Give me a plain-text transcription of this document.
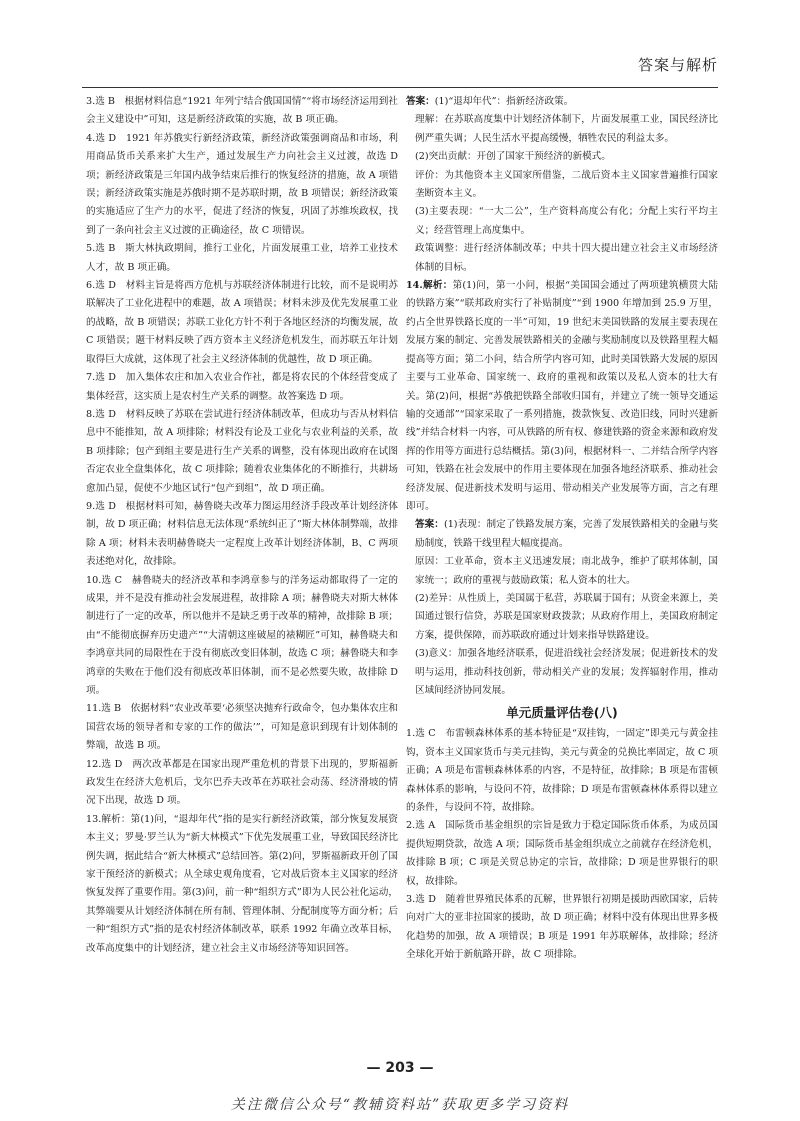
答案与解析

3.选 B　根据材料信息“1921 年列宁结合俄国国情”“将市场经济运用到社会主义建设中”可知，这是新经济政策的实施，故 B 项正确。

4.选 D　1921 年苏俄实行新经济政策，新经济政策强调商品和市场，利用商品货币关系来扩大生产，通过发展生产力向社会主义过渡，故选 D 项；新经济政策是三年国内战争结束后推行的恢复经济的措施，故 A 项错误；新经济政策实施是苏俄时期不是苏联时期，故 B 项错误；新经济政策的实施适应了生产力的水平，促进了经济的恢复，巩固了苏维埃政权，找到了一条向社会主义过渡的正确途径，故 C 项错误。

5.选 B　斯大林执政期间，推行工业化，片面发展重工业，培养工业技术人才，故 B 项正确。

6.选 D　材料主旨是将西方危机与苏联经济体制进行比较，而不是说明苏联解决了工业化进程中的难题，故 A 项错误；材料未涉及优先发展重工业的战略，故 B 项错误；苏联工业化方针不利于各地区经济的均衡发展，故 C 项错误；题干材料反映了西方资本主义经济危机发生，而苏联五年计划取得巨大成就，这体现了社会主义经济体制的优越性，故 D 项正确。

7.选 D　加入集体农庄和加入农业合作社，都是将农民的个体经营变成了集体经营，这实质上是农村生产关系的调整。故答案选 D 项。

8.选 D　材料反映了苏联在尝试进行经济体制改革，但成功与否从材料信息中不能推知，故 A 项排除；材料没有论及工业化与农业利益的关系，故 B 项排除；包产到组主要是进行生产关系的调整，没有体现出政府在试图否定农业全盘集体化，故 C 项排除；随着农业集体化的不断推行，共耕场愈加凸显，促使不少地区试行“包产到组”，故 D 项正确。

9.选 D　根据材料可知，赫鲁晓夫改革力图运用经济手段改革计划经济体制，故 D 项正确；材料信息无法体现“系统纠正了”斯大林体制弊端，故排除 A 项；材料未表明赫鲁晓夫一定程度上改革计划经济体制，B、C 两项表述绝对化，故排除。

10.选 C　赫鲁晓夫的经济改革和李鸿章参与的洋务运动都取得了一定的成果，并不是没有推动社会发展进程，故排除 A 项；赫鲁晓夫对斯大林体制进行了一定的改革，所以他并不是缺乏勇于改革的精神，故排除 B 项；由“不能彻底摒弃历史遗产”“大清朝这座破屋的裱糊匠”可知，赫鲁晓夫和李鸿章共同的局限性在于没有彻底改变旧体制，故选 C 项；赫鲁晓夫和李鸿章的失败在于他们没有彻底改革旧体制，而不是必然要失败，故排除 D 项。

11.选 B　依据材料“农业改革要‘必须坚决抛弃行政命令，包办集体农庄和国营农场的领导者和专家的工作的做法’”，可知是意识到现有计划体制的弊端，故选 B 项。

12.选 D　两次改革都是在国家出现严重危机的背景下出现的，罗斯福新政发生在经济大危机后，戈尔巴乔夫改革在苏联社会动荡、经济滑坡的情况下出现，故选 D 项。

13.解析：第(1)问，“退却年代”指的是实行新经济政策，部分恢复发展资本主义；罗曼·罗兰认为“新大林模式”下优先发展重工业，导致国民经济比例失调，据此结合“新大林模式”总结回答。第(2)问，罗斯福新政开创了国家干预经济的新模式；从全球史观角度看，它对战后资本主义国家的经济恢复发挥了重要作用。第(3)问，前一种“组织方式”即为人民公社化运动，其弊端要从计划经济体制在所有制、管理体制、分配制度等方面分析；后一种“组织方式”指的是农村经济体制改革，联系 1992 年确立改革目标，改革高度集中的计划经济，建立社会主义市场经济等知识回答。

答案：(1)“退却年代”：指新经济政策。

理解：在苏联高度集中计划经济体制下，片面发展重工业，国民经济比例严重失调；人民生活水平提高缓慢，牺牲农民的利益太多。

(2)突出贡献：开创了国家干预经济的新模式。

评价：为其他资本主义国家所借鉴，二战后资本主义国家普遍推行国家垄断资本主义。

(3)主要表现：“一大二公”，生产资料高度公有化；分配上实行平均主义；经营管理上高度集中。

政策调整：进行经济体制改革；中共十四大提出建立社会主义市场经济体制的目标。

14.解析：第(1)问，第一小问，根据“美国国会通过了两项建筑横贯大陆的铁路方案”“联邦政府实行了补贴制度”“到 1900 年增加到 25.9 万里，约占全世界铁路长度的一半”可知，19 世纪末美国铁路的发展主要表现在发展方案的制定、完善发展铁路相关的金融与奖励制度以及铁路里程大幅提高等方面；第二小问，结合所学内容可知，此时美国铁路大发展的原因主要与工业革命、国家统一、政府的重视和政策以及私人资本的壮大有关。第(2)问，根据“苏俄把铁路全部收归国有，并建立了统一领导交通运输的交通部”“国家采取了一系列措施，拨款恢复、改造旧线，同时兴建新线”并结合材料一内容，可从铁路的所有权、修建铁路的资金来源和政府发挥的作用等方面进行总结概括。第(3)问，根据材料一、二并结合所学内容可知，铁路在社会发展中的作用主要体现在加强各地经济联系、推动社会经济发展、促进新技术发明与运用、带动相关产业发展等方面，言之有理即可。

答案：(1)表现：制定了铁路发展方案，完善了发展铁路相关的金融与奖励制度，铁路干线里程大幅度提高。

原因：工业革命，资本主义迅速发展；南北战争，维护了联邦体制，国家统一；政府的重视与鼓励政策；私人资本的壮大。

(2)差异：从性质上，美国属于私营，苏联属于国有；从资金来源上，美国通过银行信贷，苏联是国家财政拨款；从政府作用上，美国政府制定方案，提供保障，而苏联政府通过计划来指导铁路建设。

(3)意义：加强各地经济联系，促进沿线社会经济发展；促进新技术的发明与运用，推动科技创新，带动相关产业的发展；发挥辐射作用，推动区域间经济协同发展。

单元质量评估卷(八)

1.选 C　布雷顿森林体系的基本特征是“双挂钩，一固定”即美元与黄金挂钩，资本主义国家货币与美元挂钩，美元与黄金的兑换比率固定，故 C 项正确；A 项是布雷顿森林体系的内容，不是特征，故排除；B 项是布雷顿森林体系的影响，与设问不符，故排除；D 项是布雷顿森林体系得以建立的条件，与设问不符，故排除。

2.选 A　国际货币基金组织的宗旨是致力于稳定国际货币体系，为成员国提供短期贷款，故选 A 项；国际货币基金组织成立之前就存在经济危机，故排除 B 项；C 项是关贸总协定的宗旨，故排除；D 项是世界银行的职权，故排除。

3.选 D　随着世界殖民体系的瓦解，世界银行初期是援助西欧国家，后转向对广大的亚非拉国家的援助，故 D 项正确；材料中没有体现出世界多极化趋势的加强，故 A 项错误；B 项是 1991 年苏联解体，故排除；经济全球化开始于新航路开辟，故 C 项排除。

— 203 —
关注微信公众号“教辅资料站”获取更多学习资料
